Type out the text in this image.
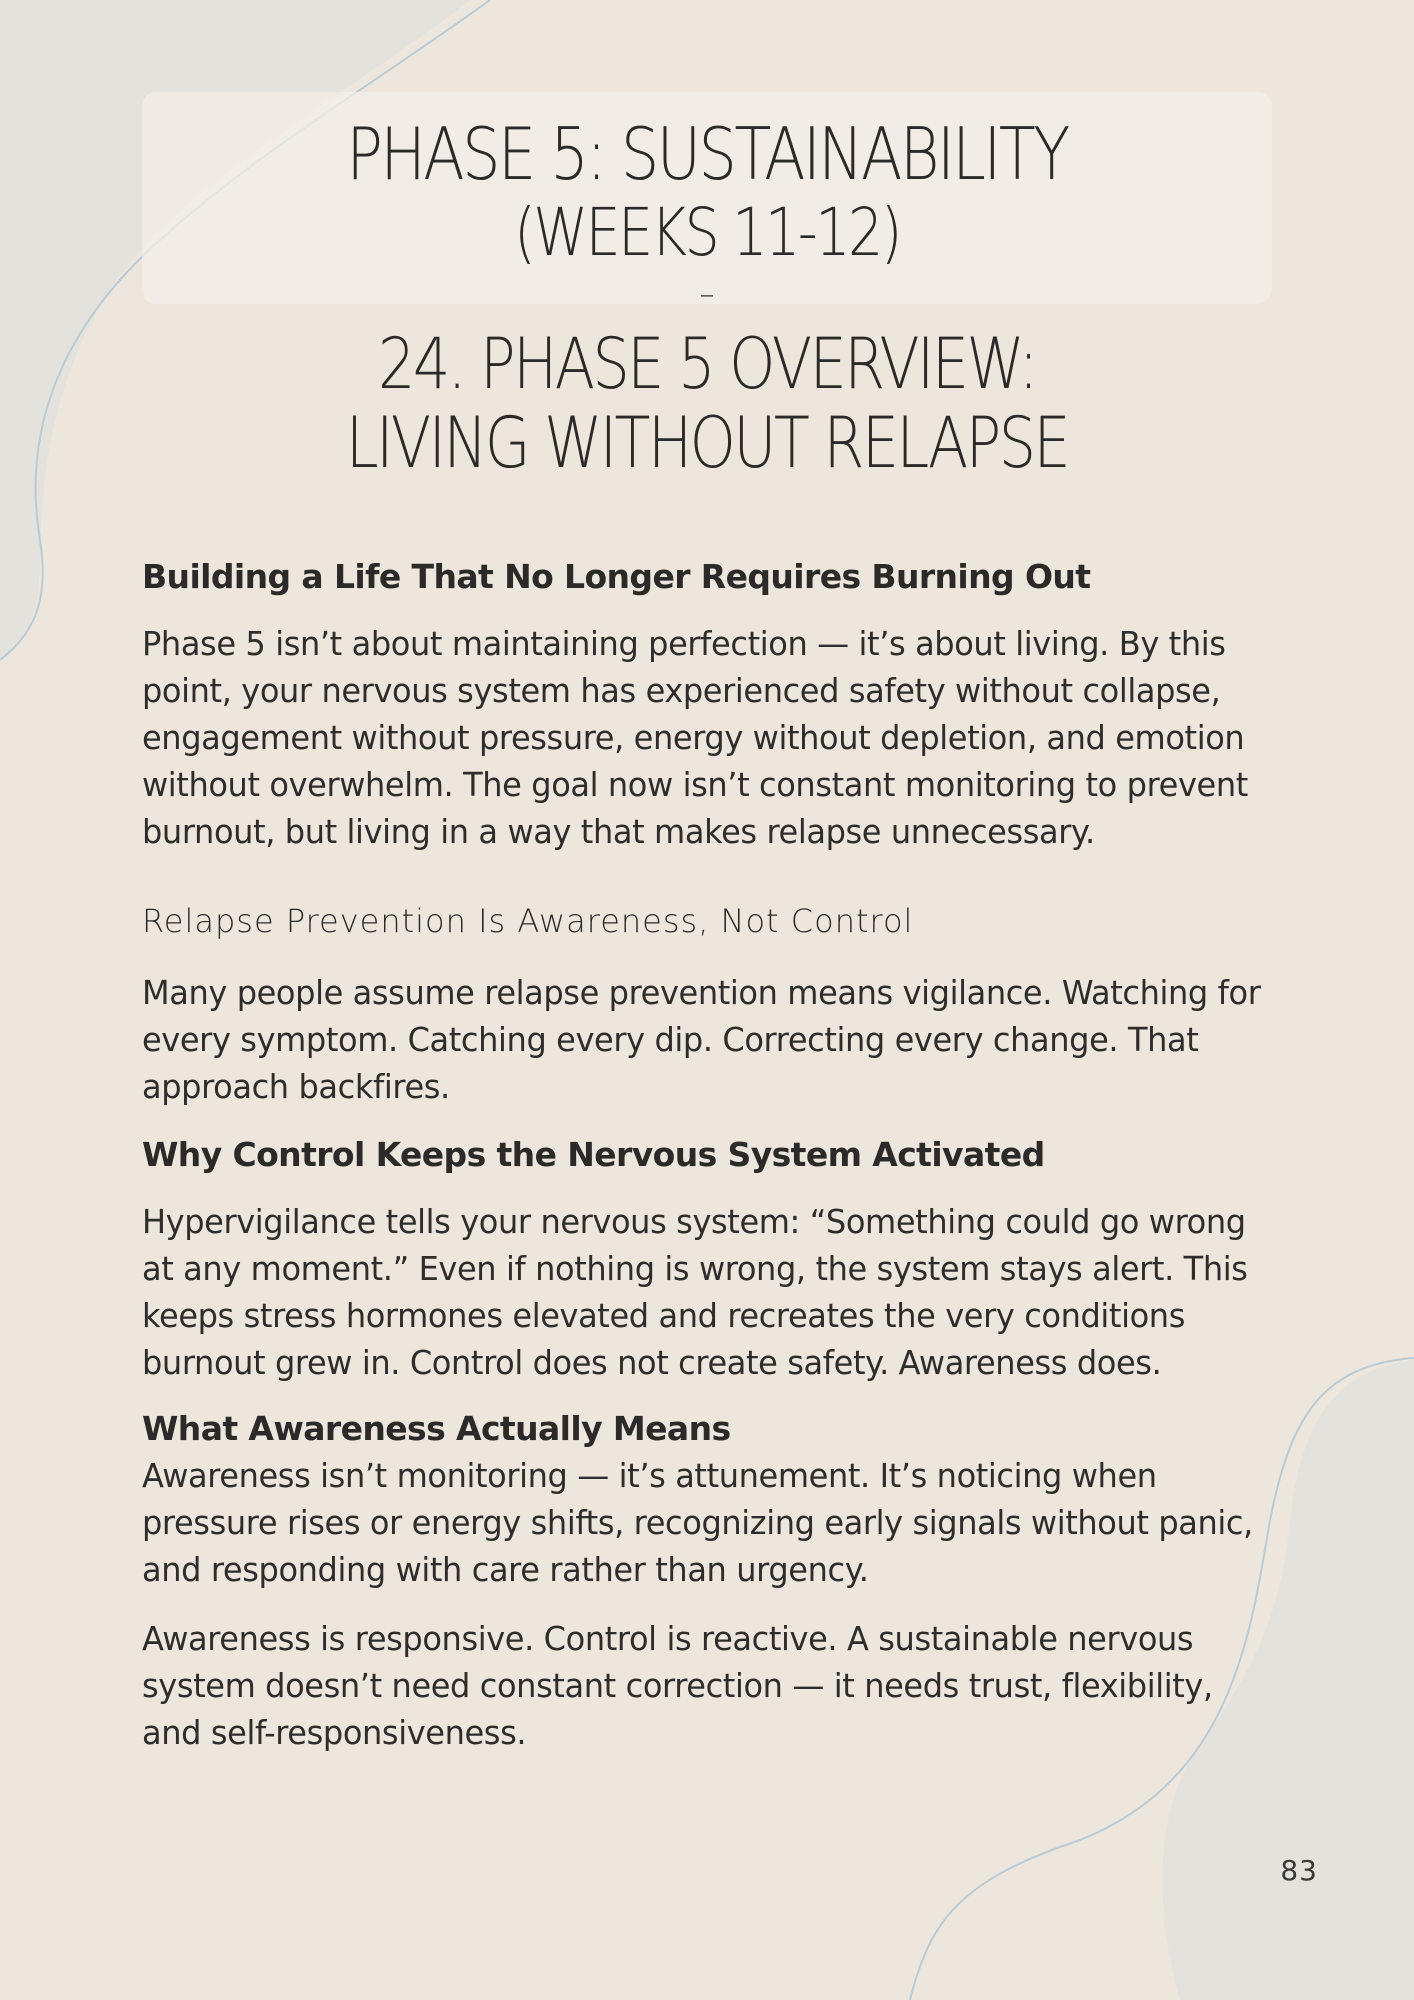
PHASE 5: SUSTAINABILITY
(WEEKS 11-12)
–
24. PHASE 5 OVERVIEW:
LIVING WITHOUT RELAPSE
Building a Life That No Longer Requires Burning Out

Phase 5 isn’t about maintaining perfection — it’s about living. By this point, your nervous system has experienced safety without collapse, engagement without pressure, energy without depletion, and emotion without overwhelm. The goal now isn’t constant monitoring to prevent burnout, but living in a way that makes relapse unnecessary.

Relapse Prevention Is Awareness, Not Control

Many people assume relapse prevention means vigilance. Watching for every symptom. Catching every dip. Correcting every change. That approach backfires.

Why Control Keeps the Nervous System Activated

Hypervigilance tells your nervous system: “Something could go wrong at any moment.” Even if nothing is wrong, the system stays alert. This keeps stress hormones elevated and recreates the very conditions burnout grew in. Control does not create safety. Awareness does.

What Awareness Actually Means

Awareness isn’t monitoring — it’s attunement. It’s noticing when pressure rises or energy shifts, recognizing early signals without panic, and responding with care rather than urgency.

Awareness is responsive. Control is reactive. A sustainable nervous system doesn’t need constant correction — it needs trust, flexibility, and self-responsiveness.

83
